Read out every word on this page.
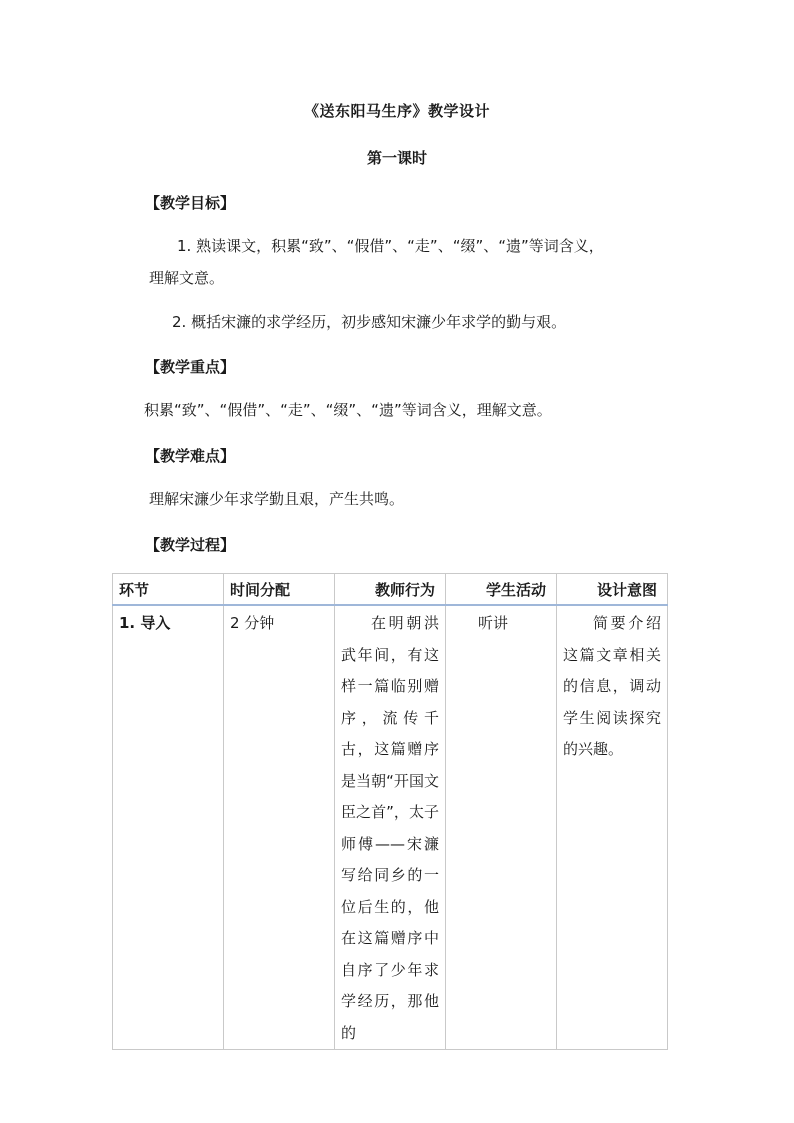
《送东阳马生序》教学设计
第一课时
【教学目标】
1. 熟读课文，积累“致”、“假借”、“走”、“缀”、“遗”等词含义，
理解文意。
2. 概括宋濂的求学经历，初步感知宋濂少年求学的勤与艰。
【教学重点】
积累“致”、“假借”、“走”、“缀”、“遗”等词含义，理解文意。
【教学难点】
理解宋濂少年求学勤且艰，产生共鸣。
【教学过程】
环节	时间分配	教师行为	学生活动	设计意图

1. 导入	2 分钟	在明朝洪武年间，有这样一篇临别赠序，流传千古，这篇赠序是当朝“开国文臣之首”，太子师傅——宋濂写给同乡的一位后生的，他在这篇赠序中自序了少年求学经历，那他的	听讲	简要介绍这篇文章相关的信息，调动学生阅读探究的兴趣。
